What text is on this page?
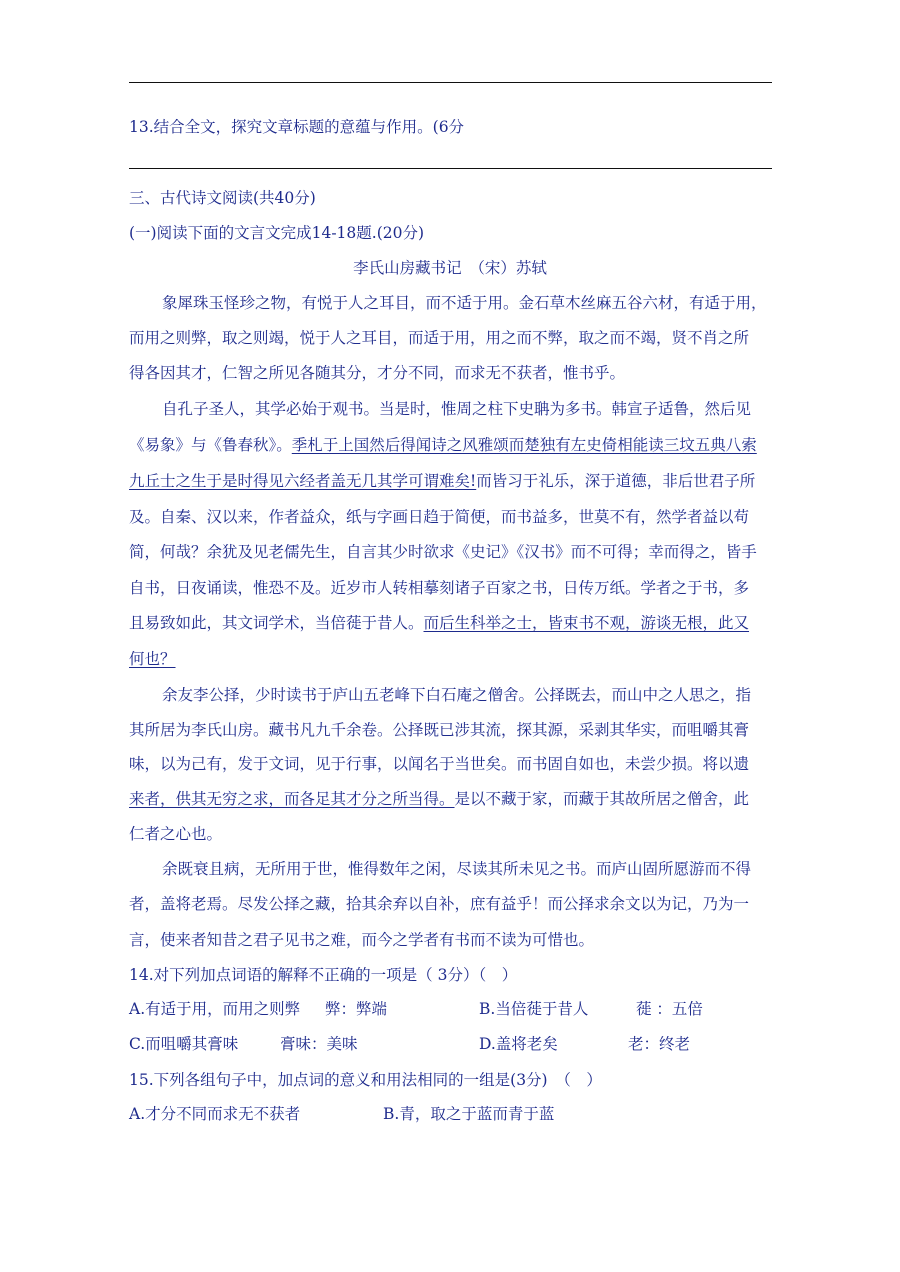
13.结合全文，探究文章标题的意蕴与作用。(6分
三、古代诗文阅读(共40分)
(一)阅读下面的文言文完成14-18题.(20分)
李氏山房藏书记　（宋）苏轼
象犀珠玉怪珍之物，有悦于人之耳目，而不适于用。金石草木丝麻五谷六材，有适于用，
而用之则弊，取之则竭，悦于人之耳目，而适于用，用之而不弊，取之而不竭，贤不肖之所
得各因其才，仁智之所见各随其分，才分不同，而求无不获者，惟书乎。
自孔子圣人，其学必始于观书。当是时，惟周之柱下史聃为多书。韩宣子适鲁，然后见
《易象》与《鲁春秋》。季札于上国然后得闻诗之风雅颂而楚独有左史倚相能读三坟五典八索
九丘士之生于是时得见六经者盖无几其学可谓难矣!而皆习于礼乐，深于道德，非后世君子所
及。自秦、汉以来，作者益众，纸与字画日趋于简便，而书益多，世莫不有，然学者益以苟
简，何哉？余犹及见老儒先生，自言其少时欲求《史记》《汉书》而不可得；幸而得之，皆手
自书，日夜诵读，惟恐不及。近岁市人转相摹刻诸子百家之书，日传万纸。学者之于书，多
且易致如此，其文词学术，当倍蓰于昔人。而后生科举之士，皆束书不观，游谈无根，此又
何也？
余友李公择，少时读书于庐山五老峰下白石庵之僧舍。公择既去，而山中之人思之，指
其所居为李氏山房。藏书凡九千余卷。公择既已涉其流，探其源，采剥其华实，而咀嚼其膏
味，以为己有，发于文词，见于行事，以闻名于当世矣。而书固自如也，未尝少损。将以遗
来者，供其无穷之求，而各足其才分之所当得。是以不藏于家，而藏于其故所居之僧舍，此
仁者之心也。
余既衰且病，无所用于世，惟得数年之闲，尽读其所未见之书。而庐山固所愿游而不得
者，盖将老焉。尽发公择之藏，拾其余弃以自补，庶有益乎！而公择求余文以为记，乃为一
言，使来者知昔之君子见书之难，而今之学者有书而不读为可惜也。
14.对下列加点词语的解释不正确的一项是（ 3分）（　）
A.有适于用，而用之则弊 弊：弊端	B.当倍蓰于昔人	蓰 ：五倍
C.而咀嚼其膏味	膏味：美味	D.盖将老矣	老：终老
15.下列各组句子中，加点词的意义和用法相同的一组是(3分)　（　）
A.才分不同而求无不获者	B.青，取之于蓝而青于蓝
